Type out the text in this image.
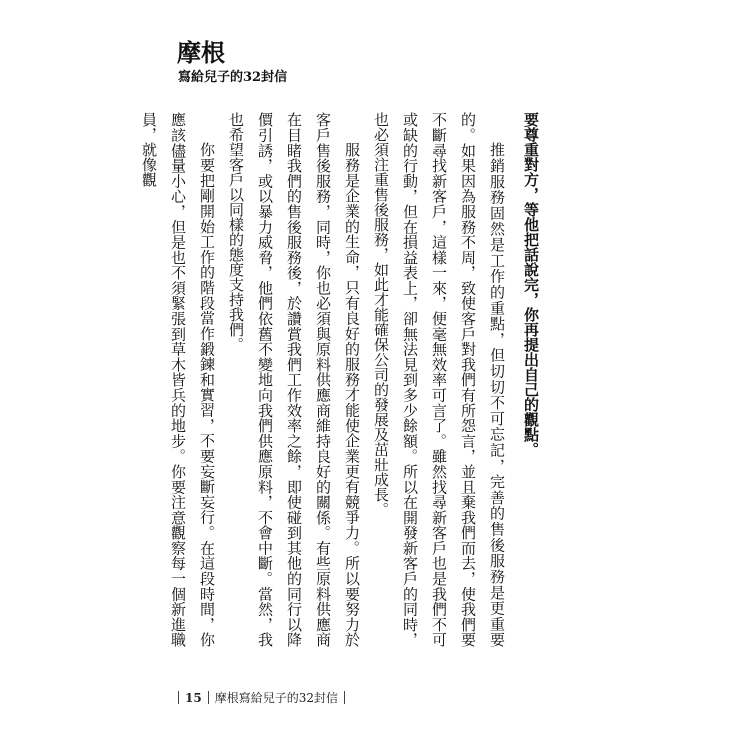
摩根
寫給兒子的32封信

要尊重對方，等他把話說完，你再提出自己的觀點。

推銷服務固然是工作的重點，但切切不可忘記，完善的售後服務是更重要的。如果因為服務不周，致使客戶對我們有所怨言，並且棄我們而去，使我們要不斷尋找新客戶，這樣一來，便毫無效率可言了。雖然找尋新客戶也是我們不可或缺的行動，但在損益表上，卻無法見到多少餘額。所以在開發新客戶的同時，也必須注重售後服務，如此才能確保公司的發展及茁壯成長。

服務是企業的生命，只有良好的服務才能使企業更有競爭力。所以要努力於客戶售後服務，同時，你也必須與原料供應商維持良好的關係。有些原料供應商在目睹我們的售後服務後，於讚賞我們工作效率之餘，即使碰到其他的同行以降價引誘，或以暴力威脅，他們依舊不變地向我們供應原料，不會中斷。當然，我也希望客戶以同樣的態度支持我們。

你要把剛開始工作的階段當作鍛鍊和實習，不要妄斷妄行。在這段時間，你應該儘量小心，但是也不須緊張到草木皆兵的地步。你要注意觀察每一個新進職員，就像觀

15 摩根寫給兒子的32封信
